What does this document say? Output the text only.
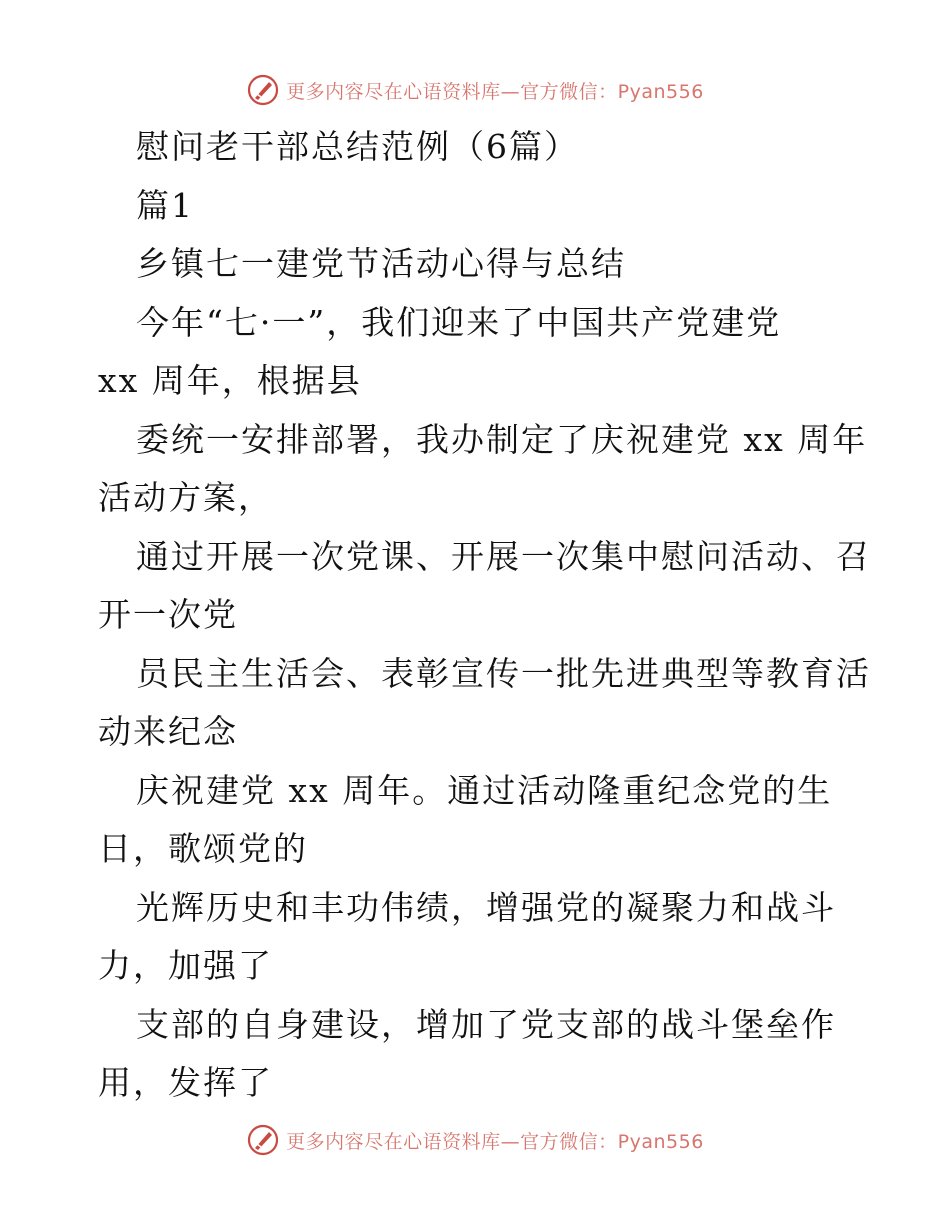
更多内容尽在心语资料库—官方微信：Pyan556

慰问老干部总结范例（6篇）

篇1

乡镇七一建党节活动心得与总结

今年“七·一”，我们迎来了中国共产党建党

xx 周年，根据县

委统一安排部署，我办制定了庆祝建党 xx 周年

活动方案，

通过开展一次党课、开展一次集中慰问活动、召

开一次党

员民主生活会、表彰宣传一批先进典型等教育活

动来纪念

庆祝建党 xx 周年。通过活动隆重纪念党的生

日，歌颂党的

光辉历史和丰功伟绩，增强党的凝聚力和战斗

力，加强了

支部的自身建设，增加了党支部的战斗堡垒作

用，发挥了

更多内容尽在心语资料库—官方微信：Pyan556
